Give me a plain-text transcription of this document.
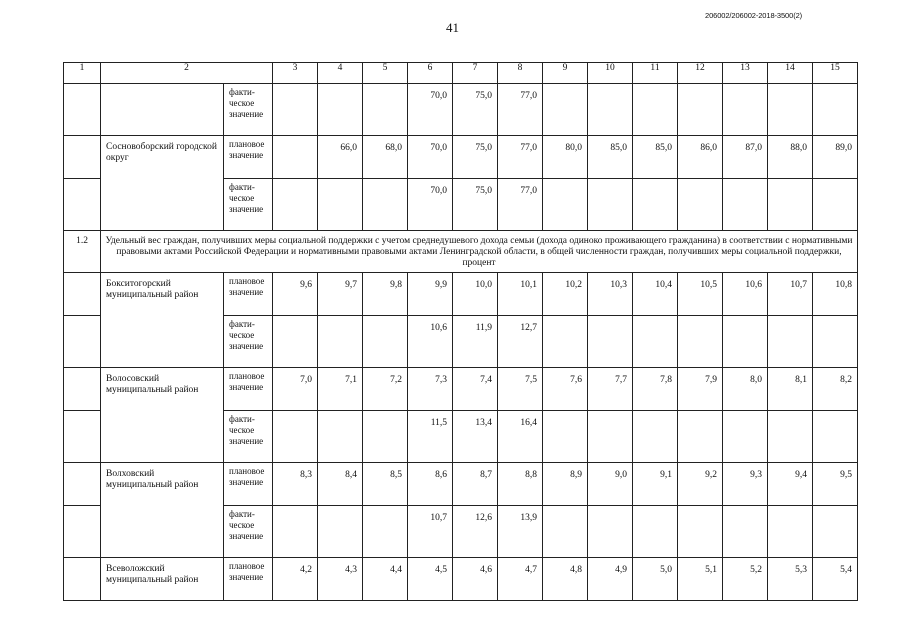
41
206002/206002-2018-3500(2)
1	2		3	4	5	6	7	8	9	10	11	12	13	14	15
		факти-
ческое
значение				70,0	75,0	77,0							
	Сосновоборский городской округ	плановое значение		66,0	68,0	70,0	75,0	77,0	80,0	85,0	85,0	86,0	87,0	88,0	89,0
		факти-
ческое
значение				70,0	75,0	77,0							
1.2	Удельный вес граждан, получивших меры социальной поддержки с учетом среднедушевого дохода семьи (дохода одиноко проживающего гражданина) в соответствии с нормативными правовыми актами Российской Федерации и нормативными правовыми актами Ленинградской области, в общей численности граждан, получивших меры социальной поддержки, процент														
	Бокситогорский муниципальный район	плановое значение	9,6	9,7	9,8	9,9	10,0	10,1	10,2	10,3	10,4	10,5	10,6	10,7	10,8
		факти-
ческое
значение				10,6	11,9	12,7							
	Волосовский муниципальный район	плановое значение	7,0	7,1	7,2	7,3	7,4	7,5	7,6	7,7	7,8	7,9	8,0	8,1	8,2
		факти-
ческое
значение				11,5	13,4	16,4							
	Волховский муниципальный район	плановое значение	8,3	8,4	8,5	8,6	8,7	8,8	8,9	9,0	9,1	9,2	9,3	9,4	9,5
		факти-
ческое
значение				10,7	12,6	13,9							
	Всеволожский муниципальный район	плановое значение	4,2	4,3	4,4	4,5	4,6	4,7	4,8	4,9	5,0	5,1	5,2	5,3	5,4
